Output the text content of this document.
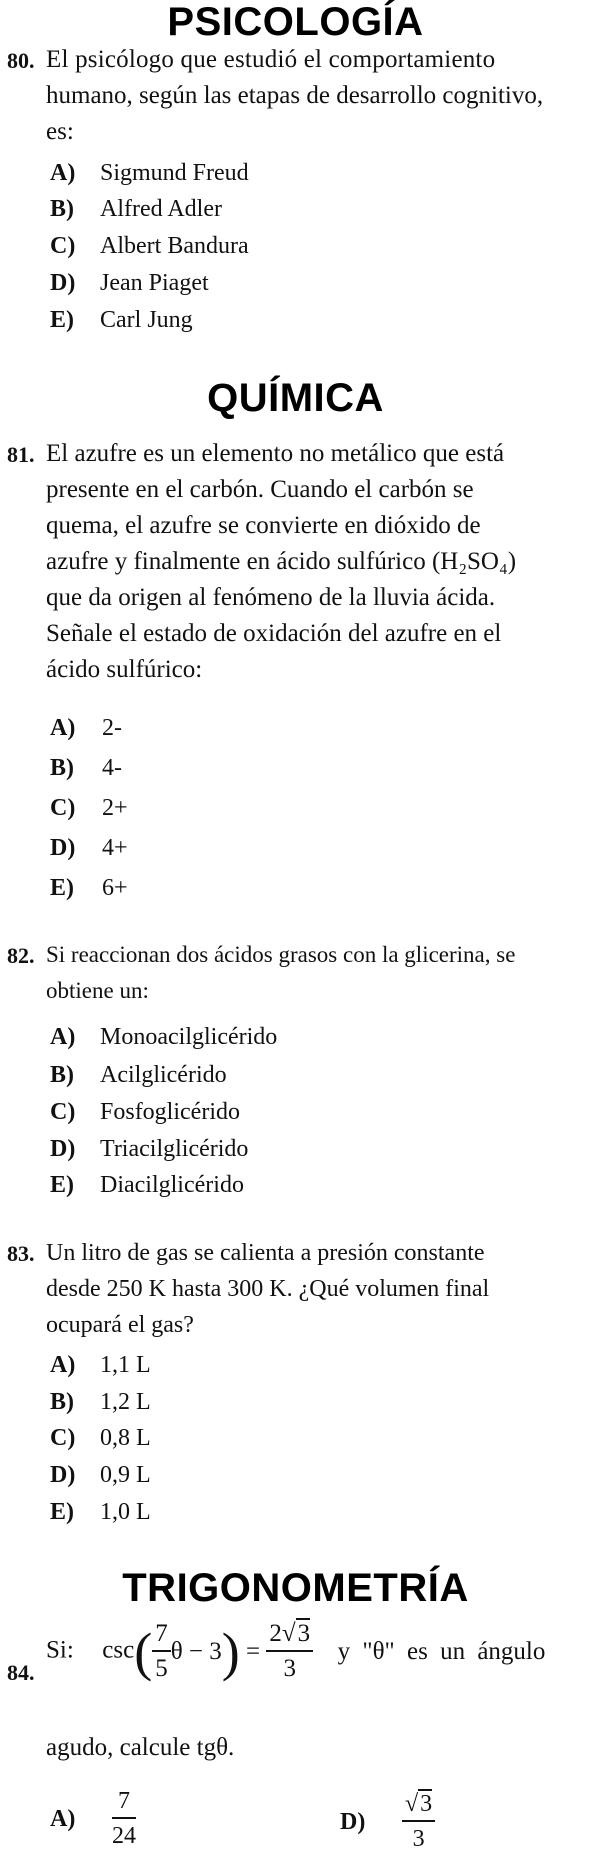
PSICOLOGÍA
80. El psicólogo que estudió el comportamiento
humano, según las etapas de desarrollo cognitivo,
es:
A) Sigmund Freud
B) Alfred Adler
C) Albert Bandura
D) Jean Piaget
E) Carl Jung
QUÍMICA
81. El azufre es un elemento no metálico que está
presente en el carbón. Cuando el carbón se
quema, el azufre se convierte en dióxido de
azufre y finalmente en ácido sulfúrico (H₂SO₄)
que da origen al fenómeno de la lluvia ácida.
Señale el estado de oxidación del azufre en el
ácido sulfúrico:
A) 2-
B) 4-
C) 2+
D) 4+
E) 6+
82. Si reaccionan dos ácidos grasos con la glicerina, se
obtiene un:
A) Monoacilglicérido
B) Acilglicérido
C) Fosfoglicérido
D) Triacilglicérido
E) Diacilglicérido
83. Un litro de gas se calienta a presión constante
desde 250 K hasta 300 K. ¿Qué volumen final
ocupará el gas?
A) 1,1 L
B) 1,2 L
C) 0,8 L
D) 0,9 L
E) 1,0 L
TRIGONOMETRÍA
84.
Si: $\csc( \frac{7}{5}$ $\theta - 3) = \frac{2√3}{3}$ y "θ" es un ángulo
agudo, calcule tgθ.
$A) \frac{7}{24}$	$D) \frac{√3}{3}$
